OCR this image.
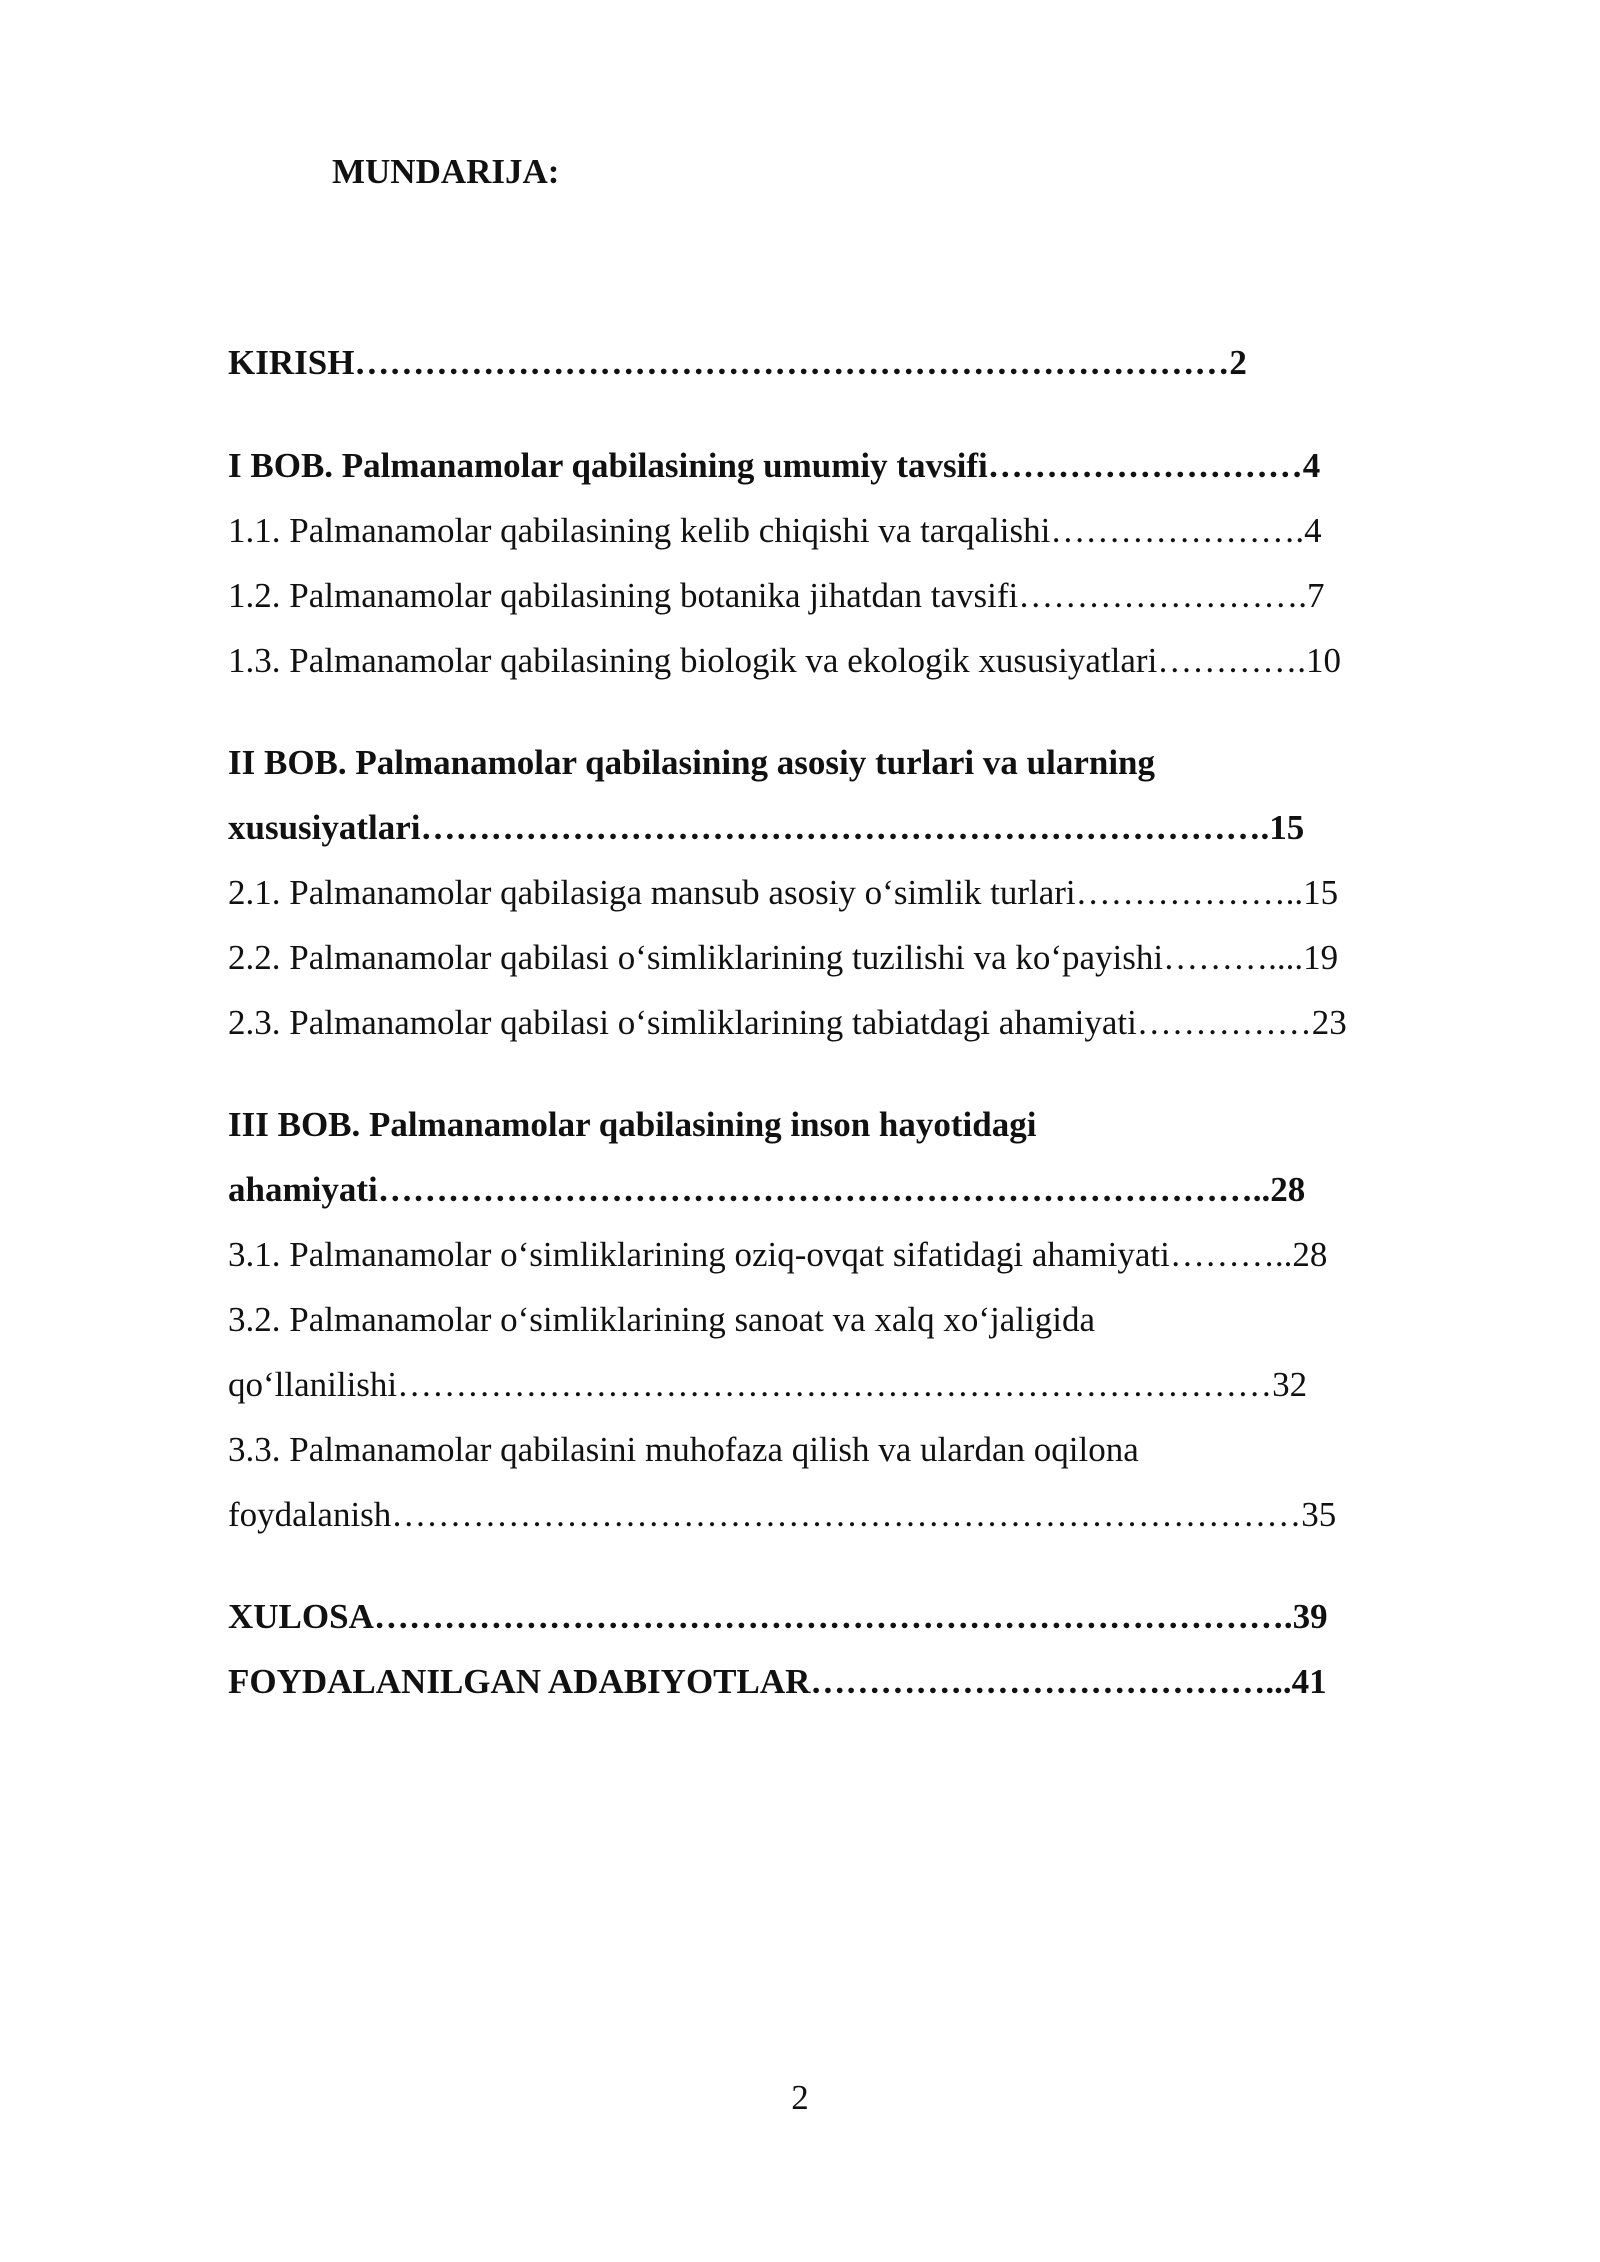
MUNDARIJA:

KIRISH…………………………………………………………………2

I BOB. Palmanamolar qabilasining umumiy tavsifi………………………4

1.1. Palmanamolar qabilasining kelib chiqishi va tarqalishi………………….4

1.2. Palmanamolar qabilasining botanika jihatdan tavsifi…………………….7

1.3. Palmanamolar qabilasining biologik va ekologik xususiyatlari………….10

II BOB. Palmanamolar qabilasining asosiy turlari va ularning

xususiyatlari……………………………………………………………….15

2.1. Palmanamolar qabilasiga mansub asosiy o‘simlik turlari………………..15

2.2. Palmanamolar qabilasi o‘simliklarining tuzilishi va ko‘payishi………....19

2.3. Palmanamolar qabilasi o‘simliklarining tabiatdagi ahamiyati……………23

III BOB. Palmanamolar qabilasining inson hayotidagi

ahamiyati…………………………………………………………………..28

3.1. Palmanamolar o‘simliklarining oziq-ovqat sifatidagi ahamiyati………..28

3.2. Palmanamolar o‘simliklarining sanoat va xalq xo‘jaligida

qo‘llanilishi…………………………………………………………………32

3.3. Palmanamolar qabilasini muhofaza qilish va ulardan oqilona

foydalanish……………………………………………………………………35

XULOSA…………………………………………………………………….39

FOYDALANILGAN ADABIYOTLAR…………………………………...41

2
